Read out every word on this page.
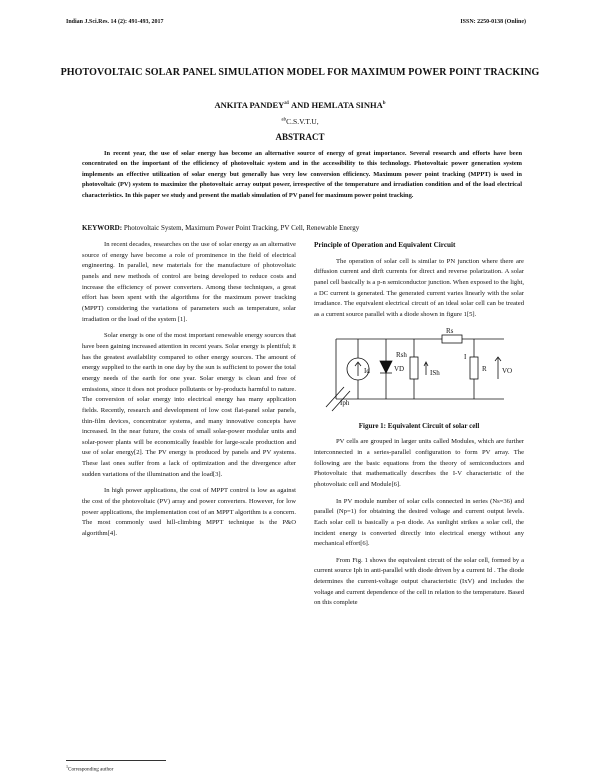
Indian J.Sci.Res. 14 (2): 491-493, 2017	ISSN: 2250-0138 (Online)
PHOTOVOLTAIC SOLAR PANEL SIMULATION MODEL FOR MAXIMUM POWER POINT TRACKING
ANKITA $PANDEY^{a1}$ AND HEMLATA SINHA$^b$
$^{ab}$C.S.V.T.U,
ABSTRACT
In recent year, the use of solar energy has become an alternative source of energy of great importance. Several research and efforts have been concentrated on the important of the efficiency of photovoltaic system and in the accessibility to this technology. Photovoltaic power generation system implements an effective utilization of solar energy but generally has very low conversion efficiency. Maximum power point tracking (MPPT) is used in photovoltaic (PV) system to maximize the photovoltaic array output power, irrespective of the temperature and irradiation condition and of the load electrical characteristics. In this paper we study and present the matlab simulation of PV panel for maximum power point tracking.
KEYWORD: Photovoltaic System, Maximum Power Point Tracking, PV Cell, Renewable Energy

In recent decades, researches on the use of solar energy as an alternative source of energy have become a role of prominence in the field of electrical engineering. In parallel, new materials for the manufacture of photovoltaic panels and new methods of control are being developed to reduce costs and increase the efficiency of power converters. Among these techniques, a great effort has been spent with the algorithms for the maximum power tracking (MPPT) considering the variations of parameters such as temperature, solar irradiation or the load of the system [1].

Solar energy is one of the most important renewable energy sources that have been gaining increased attention in recent years. Solar energy is plentiful; it has the greatest availability compared to other energy sources. The amount of energy supplied to the earth in one day by the sun is sufficient to power the total energy needs of the earth for one year. Solar energy is clean and free of emissions, since it does not produce pollutants or by-products harmful to nature. The conversion of solar energy into electrical energy has many application fields. Recently, research and development of low cost flat-panel solar panels, thin-film devices, concentrator systems, and many innovative concepts have increased. In the near future, the costs of small solar-power modular units and solar-power plants will be economically feasible for large-scale production and use of solar energy[2]. The PV energy is produced by panels and PV systems. These last ones suffer from a lack of optimization and the divergence after sudden variations of the illumination and the load[3].

In high power applications, the cost of MPPT control is low as against the cost of the photovoltaic (PV) array and power converters. However, for low power applications, the implementation cost of an MPPT algorithm is a concern. The most commonly used hill-climbing MPPT technique is the P&O algorithm[4].

Principle of Operation and Equivalent Circuit

The operation of solar cell is similar to PN junction where there are diffusion current and dirft currents for direct and reverse polarization. A solar panel cell basically is a p-n semiconductor junction. When exposed to the light, a DC current is generated. The generated current varies linearly with the solar irradiance. The equivalent electrical circuit of an ideal solar cell can be treated as a current source parallel with a diode shown in figure 1[5].

Iph
Id	VD
Rsh
Rs
ISh
I
R VO
Figure 1: Equivalent Circuit of solar cell

PV cells are grouped in larger units called Modules, which are further interconnected in a series-parallel configuration to form PV array. The following are the basic equations from the theory of semiconductors and Photovoltaic that mathematically describes the I-V characteristic of the photovoltaic cell and Module[6].

In PV module number of solar cells connected in series (Ns=36) and parallel (Np=1) for obtaining the desired voltage and current output levels. Each solar cell is basically a p-n diode. As sunlight strikes a solar cell, the incident energy is converted directly into electrical energy without any mechanical effort[6].

From Fig. 1 shows the equivalent circuit of the solar cell, formed by a current source Iph in anti-parallel with diode driven by a current Id . The diode determines the current-voltage output characteristic (IxV) and includes the voltage and current dependence of the cell in relation to the temperature. Based on this complete

$^1$Corresponding author
